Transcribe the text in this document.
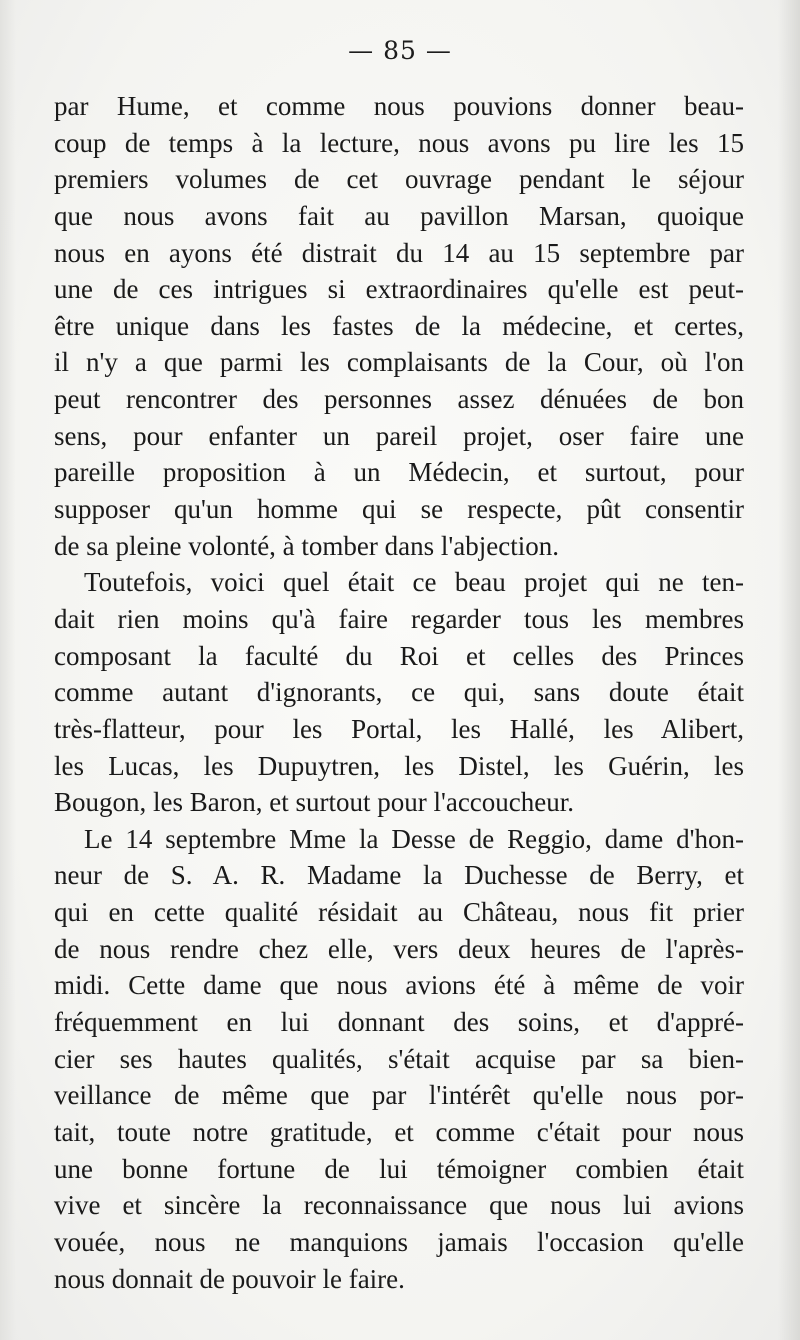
— 85 —
par Hume, et comme nous pouvions donner beau-
coup de temps à la lecture, nous avons pu lire les 15
premiers volumes de cet ouvrage pendant le séjour
que nous avons fait au pavillon Marsan, quoique
nous en ayons été distrait du 14 au 15 septembre par
une de ces intrigues si extraordinaires qu'elle est peut-
être unique dans les fastes de la médecine, et certes,
il n'y a que parmi les complaisants de la Cour, où l'on
peut rencontrer des personnes assez dénuées de bon
sens, pour enfanter un pareil projet, oser faire une
pareille proposition à un Médecin, et surtout, pour
supposer qu'un homme qui se respecte, pût consentir
de sa pleine volonté, à tomber dans l'abjection.
Toutefois, voici quel était ce beau projet qui ne ten-
dait rien moins qu'à faire regarder tous les membres
composant la faculté du Roi et celles des Princes
comme autant d'ignorants, ce qui, sans doute était
très-flatteur, pour les Portal, les Hallé, les Alibert,
les Lucas, les Dupuytren, les Distel, les Guérin, les
Bougon, les Baron, et surtout pour l'accoucheur.
Le 14 septembre Mme la Desse de Reggio, dame d'hon-
neur de S. A. R. Madame la Duchesse de Berry, et
qui en cette qualité résidait au Château, nous fit prier
de nous rendre chez elle, vers deux heures de l'après-
midi. Cette dame que nous avions été à même de voir
fréquemment en lui donnant des soins, et d'appré-
cier ses hautes qualités, s'était acquise par sa bien-
veillance de même que par l'intérêt qu'elle nous por-
tait, toute notre gratitude, et comme c'était pour nous
une bonne fortune de lui témoigner combien était
vive et sincère la reconnaissance que nous lui avions
vouée, nous ne manquions jamais l'occasion qu'elle
nous donnait de pouvoir le faire.
